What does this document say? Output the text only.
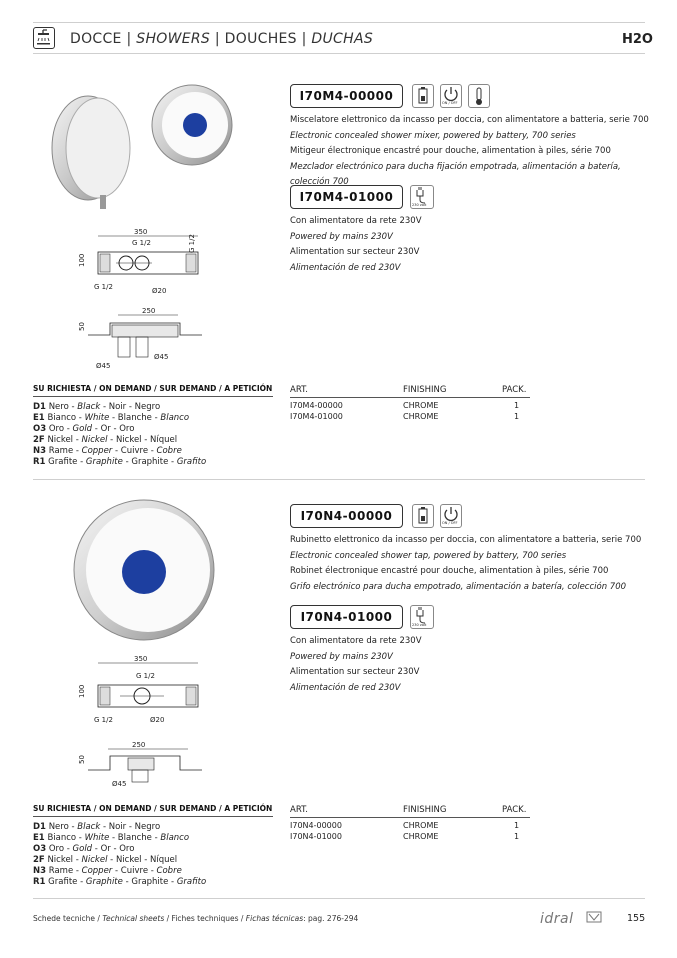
DOCCE | SHOWERS | DOUCHES | DUCHAS	H2O
350
G 1/2
100
G 1/2
G 1/2	Ø20
250
50
Ø45
Ø45
I70M4-00000	ON / OFF
Miscelatore elettronico da incasso per doccia, con alimentatore a batteria, serie 700
Electronic concealed shower mixer, powered by battery, 700 series
Mitigeur électronique encastré pour douche, alimentation à piles, série 700
Mezclador electrónico para ducha fijación empotrada, alimentación a batería, colección 700
I70M4-01000
230 volt
Con alimentatore da rete 230V
Powered by mains 230V
Alimentation sur secteur 230V
Alimentación de red 230V
SU RICHIESTA / ON DEMAND / SUR DEMAND / A PETICIÓN
D1 Nero - Black - Noir - Negro
E1 Bianco - White - Blanche - Blanco
O3 Oro - Gold - Or - Oro
2F Nickel - Nickel - Nickel - Níquel
N3 Rame - Copper - Cuivre - Cobre
R1 Grafite - Graphite - Graphite - Grafito
ART.	FINISHING	PACK.
I70M4-00000	CHROME	1
I70M4-01000	CHROME	1
350
G 1/2
100
G 1/2	Ø20
250
50
Ø45
I70N4-00000	ON / OFF
Rubinetto elettronico da incasso per doccia, con alimentatore a batteria, serie 700
Electronic concealed shower tap, powered by battery, 700 series
Robinet électronique encastré pour douche, alimentation à piles, série 700
Grifo electrónico para ducha empotrado, alimentación a batería, colección 700
I70N4-01000
230 volt
Con alimentatore da rete 230V
Powered by mains 230V
Alimentation sur secteur 230V
Alimentación de red 230V
SU RICHIESTA / ON DEMAND / SUR DEMAND / A PETICIÓN
D1 Nero - Black - Noir - Negro
E1 Bianco - White - Blanche - Blanco
O3 Oro - Gold - Or - Oro
2F Nickel - Nickel - Nickel - Níquel
N3 Rame - Copper - Cuivre - Cobre
R1 Grafite - Graphite - Graphite - Grafito
ART.	FINISHING	PACK.
I70N4-00000	CHROME	1
I70N4-01000	CHROME	1
Schede tecniche / Technical sheets / Fiches techniques / Fichas técnicas: pag. 276-294	idral	155
